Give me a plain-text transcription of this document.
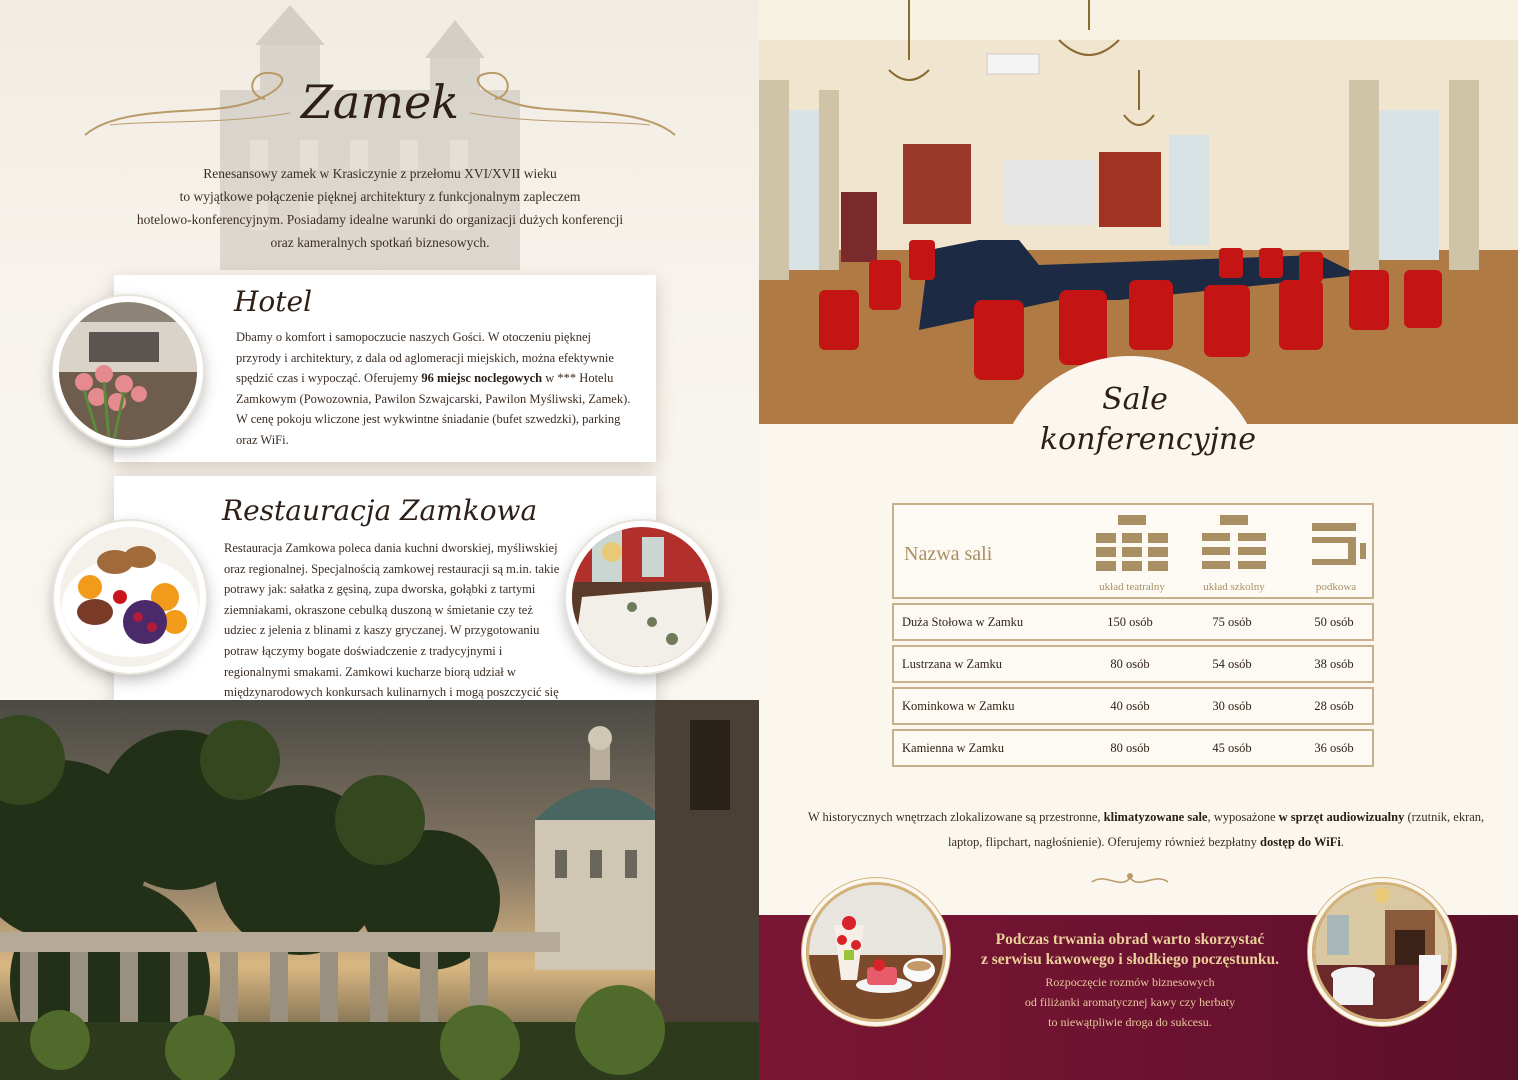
Zamek
Renesansowy zamek w Krasiczynie z przełomu XVI/XVII wieku
to wyjątkowe połączenie pięknej architektury z funkcjonalnym zapleczem
hotelowo-konferencyjnym. Posiadamy idealne warunki do organizacji dużych konferencji
oraz kameralnych spotkań biznesowych.
Hotel
Dbamy o komfort i samopoczucie naszych Gości. W otoczeniu pięknej przyrody i architektury, z dala od aglomeracji miejskich, można efektywnie spędzić czas i wypocząć. Oferujemy 96 miejsc noclegowych w *** Hotelu Zamkowym (Powozownia, Pawilon Szwajcarski, Pawilon Myśliwski, Zamek). W cenę pokoju wliczone jest wykwintne śniadanie (bufet szwedzki), parking oraz WiFi.
Restauracja Zamkowa
Restauracja Zamkowa poleca dania kuchni dworskiej, myśliwskiej oraz regionalnej. Specjalnością zamkowej restauracji są m.in. takie potrawy jak: sałatka z gęsiną, zupa dworska, gołąbki z tartymi ziemniakami, okraszone cebulką duszoną w śmietanie czy też udziec z jelenia z blinami z kaszy gryczanej. W przygotowaniu potraw łączymy bogate doświadczenie z tradycyjnymi i regionalnymi smakami. Zamkowi kucharze biorą udział w międzynarodowych konkursach kulinarnych i mogą poszczycić się
Sale
konferencyjne
Nazwa sali
układ teatralny	układ szkolny	podkowa
Duża Stołowa w Zamku	150 osób	75 osób	50 osób
Lustrzana w Zamku	80 osób	54 osób	38 osób
Kominkowa w Zamku	40 osób	30 osób	28 osób
Kamienna w Zamku	80 osób	45 osób	36 osób
W historycznych wnętrzach zlokalizowane są przestronne, klimatyzowane sale, wyposażone w sprzęt audiowizualny (rzutnik, ekran, laptop, flipchart, nagłośnienie). Oferujemy również bezpłatny dostęp do WiFi.
Podczas trwania obrad warto skorzystać
z serwisu kawowego i słodkiego poczęstunku.
Rozpoczęcie rozmów biznesowych
od filiżanki aromatycznej kawy czy herbaty
to niewątpliwie droga do sukcesu.
